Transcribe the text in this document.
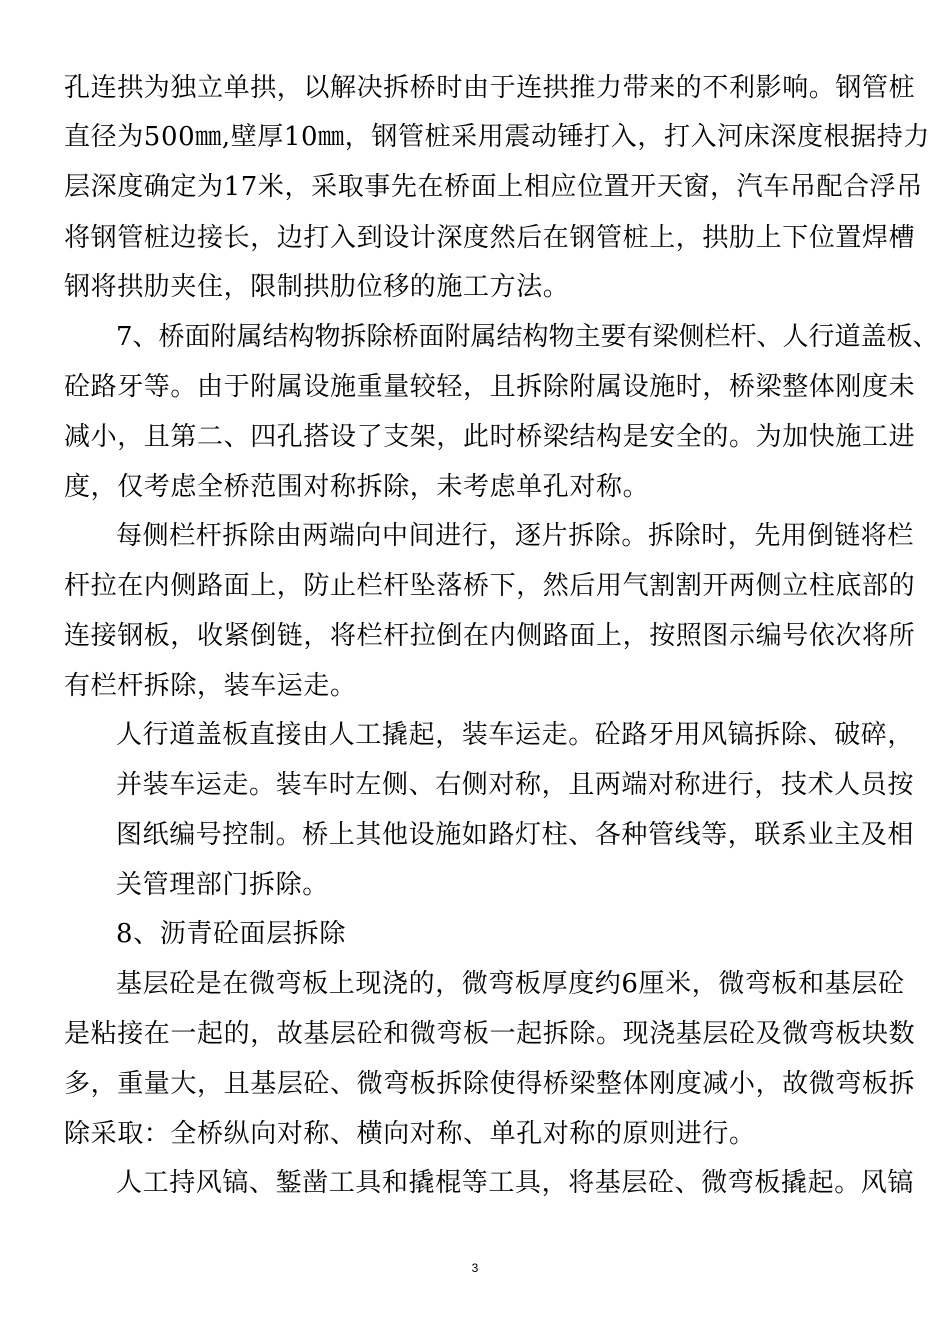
孔连拱为独立单拱，以解决拆桥时由于连拱推力带来的不利影响。钢管桩
直径为500㎜,壁厚10㎜，钢管桩采用震动锤打入，打入河床深度根据持力
层深度确定为17米，采取事先在桥面上相应位置开天窗，汽车吊配合浮吊
将钢管桩边接长，边打入到设计深度然后在钢管桩上，拱肋上下位置焊槽
钢将拱肋夹住，限制拱肋位移的施工方法。
7、桥面附属结构物拆除桥面附属结构物主要有梁侧栏杆、人行道盖板、
砼路牙等。由于附属设施重量较轻，且拆除附属设施时，桥梁整体刚度未
减小，且第二、四孔搭设了支架，此时桥梁结构是安全的。为加快施工进
度，仅考虑全桥范围对称拆除，未考虑单孔对称。
每侧栏杆拆除由两端向中间进行，逐片拆除。拆除时，先用倒链将栏
杆拉在内侧路面上，防止栏杆坠落桥下，然后用气割割开两侧立柱底部的
连接钢板，收紧倒链，将栏杆拉倒在内侧路面上，按照图示编号依次将所
有栏杆拆除，装车运走。
人行道盖板直接由人工撬起，装车运走。砼路牙用风镐拆除、破碎，
并装车运走。装车时左侧、右侧对称，且两端对称进行，技术人员按
图纸编号控制。桥上其他设施如路灯柱、各种管线等，联系业主及相
关管理部门拆除。
8、沥青砼面层拆除
基层砼是在微弯板上现浇的，微弯板厚度约6厘米，微弯板和基层砼
是粘接在一起的，故基层砼和微弯板一起拆除。现浇基层砼及微弯板块数
多，重量大，且基层砼、微弯板拆除使得桥梁整体刚度减小，故微弯板拆
除采取：全桥纵向对称、横向对称、单孔对称的原则进行。
人工持风镐、錾凿工具和撬棍等工具，将基层砼、微弯板撬起。风镐
3
